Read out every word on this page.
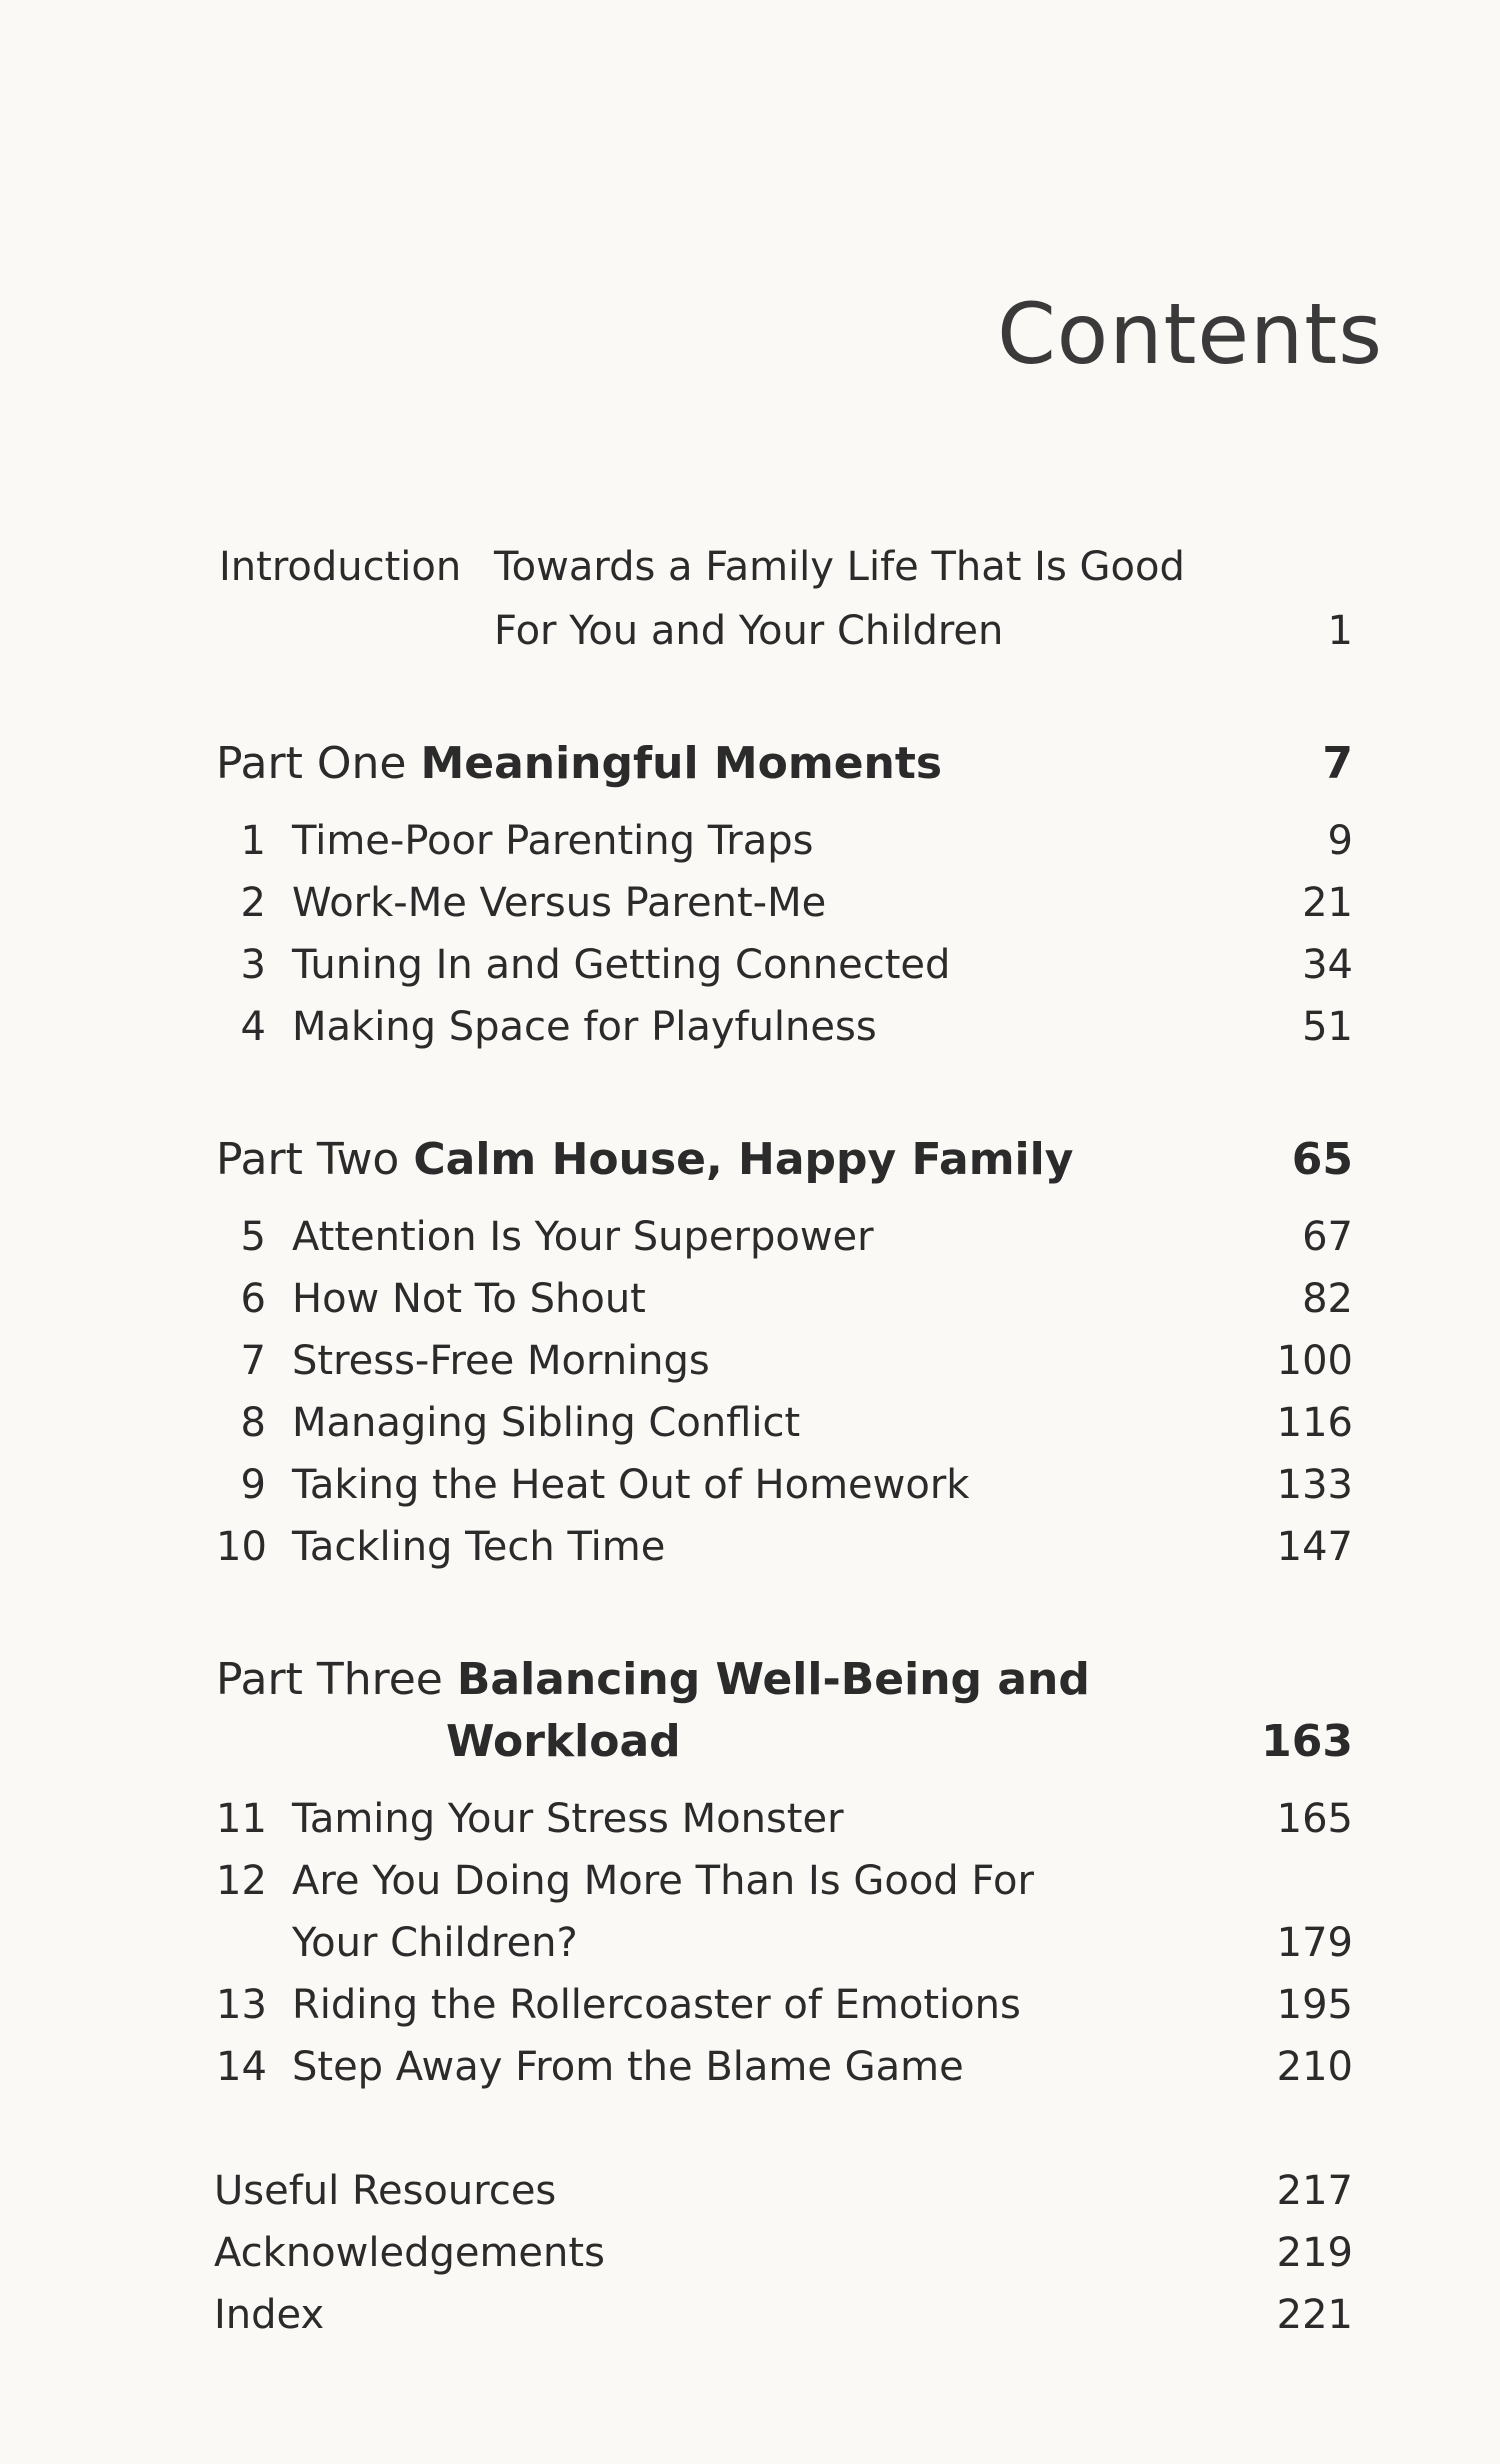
Contents
Introduction Towards a Family Life That Is Good
For You and Your Children	1
Part One Meaningful Moments	7
1 Time-Poor Parenting Traps	9
2 Work-Me Versus Parent-Me	21
3 Tuning In and Getting Connected	34
4 Making Space for Playfulness	51
Part Two Calm House, Happy Family	65
5 Attention Is Your Superpower	67
6 How Not To Shout	82
7 Stress-Free Mornings	100
8 Managing Sibling Conflict	116
9 Taking the Heat Out of Homework	133
10 Tackling Tech Time	147
Part Three Balancing Well-Being and
Workload	163
11 Taming Your Stress Monster	165
12 Are You Doing More Than Is Good For
Your Children?	179
13 Riding the Rollercoaster of Emotions	195
14 Step Away From the Blame Game	210
Useful Resources	217
Acknowledgements	219
Index	221
